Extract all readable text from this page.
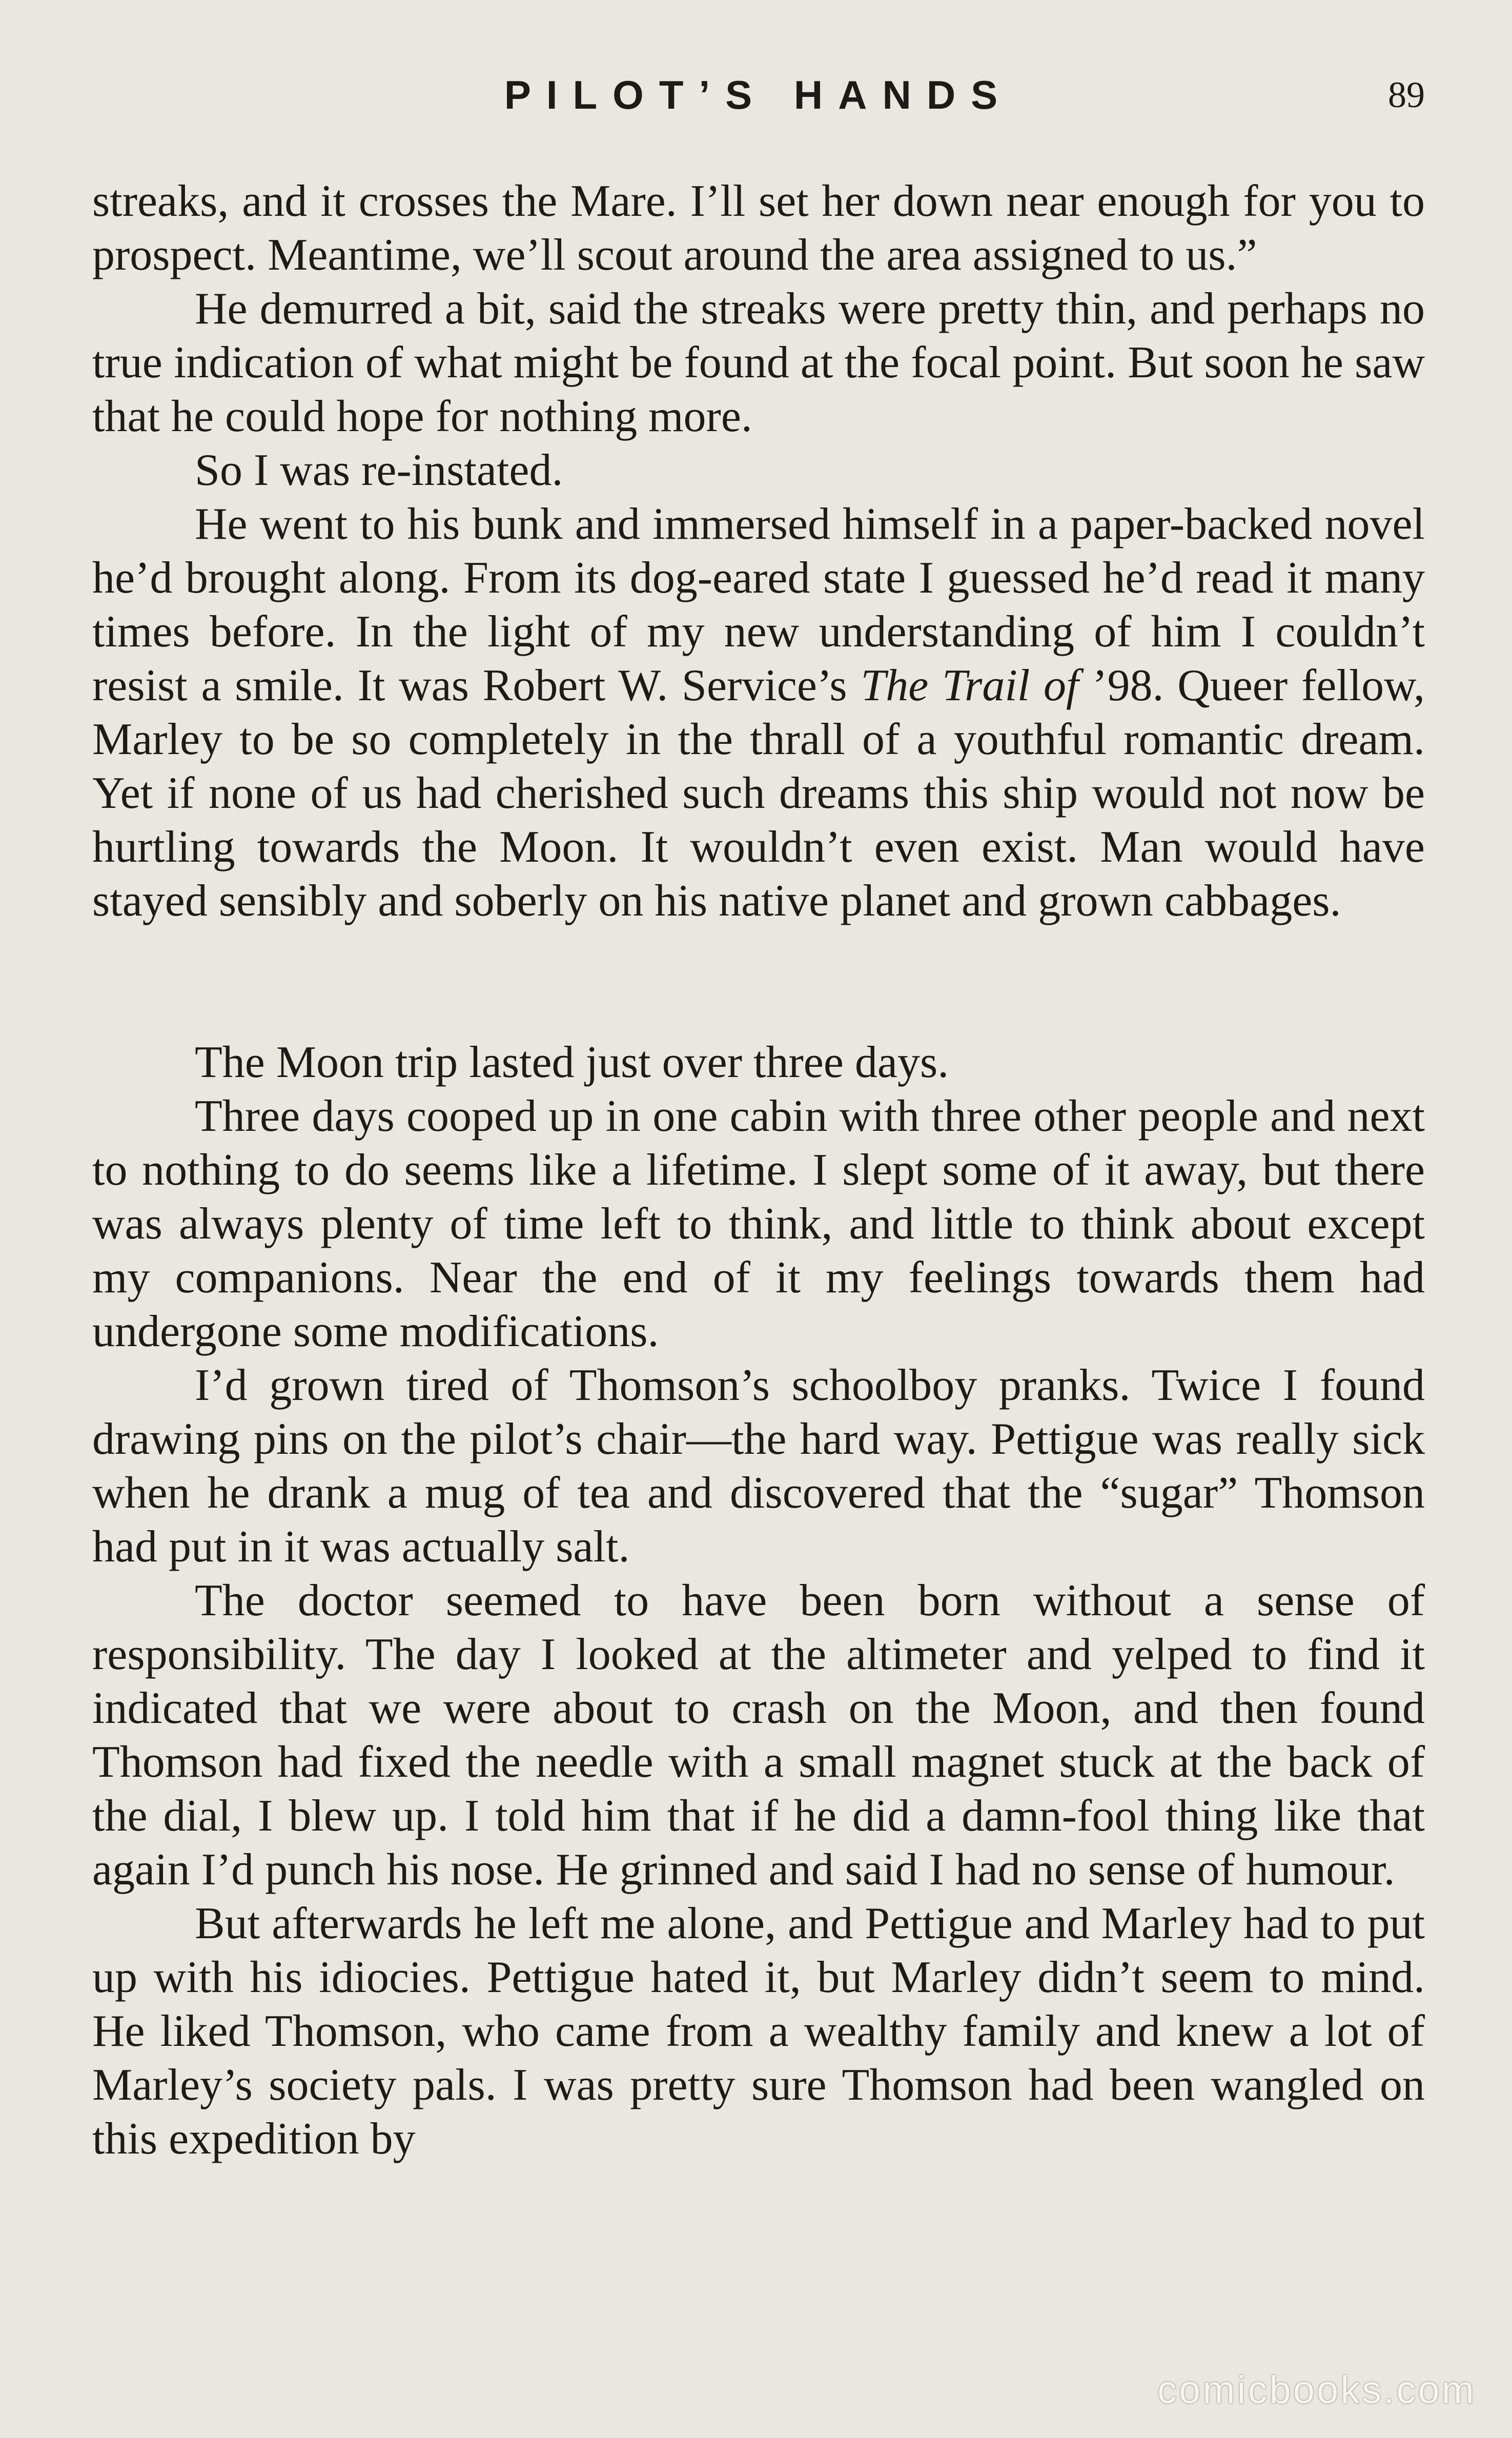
PILOT’S HANDS	89

streaks, and it crosses the Mare. I’ll set her down near enough for you to prospect. Meantime, we’ll scout around the area assigned to us.”

He demurred a bit, said the streaks were pretty thin, and perhaps no true indication of what might be found at the focal point. But soon he saw that he could hope for nothing more.

So I was re-instated.

He went to his bunk and immersed himself in a paper-backed novel he’d brought along. From its dog-eared state I guessed he’d read it many times before. In the light of my new understanding of him I couldn’t resist a smile. It was Robert W. Service’s The Trail of ’98. Queer fellow, Marley to be so completely in the thrall of a youthful romantic dream. Yet if none of us had cherished such dreams this ship would not now be hurtling towards the Moon. It wouldn’t even exist. Man would have stayed sensibly and soberly on his native planet and grown cabbages.

The Moon trip lasted just over three days.

Three days cooped up in one cabin with three other people and next to nothing to do seems like a lifetime. I slept some of it away, but there was always plenty of time left to think, and little to think about except my companions. Near the end of it my feelings towards them had undergone some modifications.

I’d grown tired of Thomson’s schoolboy pranks. Twice I found drawing pins on the pilot’s chair—the hard way. Pettigue was really sick when he drank a mug of tea and discovered that the “sugar” Thomson had put in it was actually salt.

The doctor seemed to have been born without a sense of responsibility. The day I looked at the altimeter and yelped to find it indicated that we were about to crash on the Moon, and then found Thomson had fixed the needle with a small magnet stuck at the back of the dial, I blew up. I told him that if he did a damn-fool thing like that again I’d punch his nose. He grinned and said I had no sense of humour.

But afterwards he left me alone, and Pettigue and Marley had to put up with his idiocies. Pettigue hated it, but Marley didn’t seem to mind. He liked Thomson, who came from a wealthy family and knew a lot of Marley’s society pals. I was pretty sure Thomson had been wangled on this expedition by

comicbooks.com
